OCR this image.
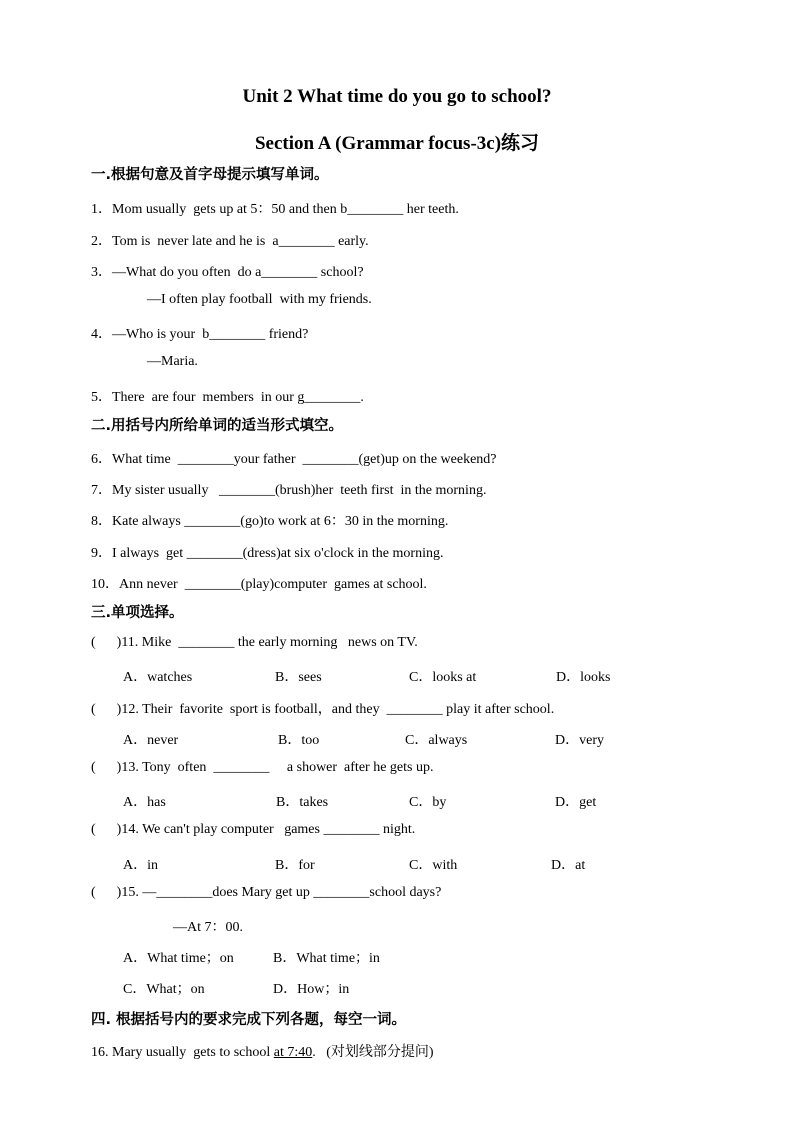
Unit 2 What time do you go to school?
Section A (Grammar focus-3c)练习
一.根据句意及首字母提示填写单词。
1．Mom usually  gets up at 5：50 and then b________ her teeth.
2．Tom is  never late and he is  a________ early.
3．—What do you often  do a________ school?
—I often play football  with my friends.
4．—Who is your  b________ friend?
—Maria.
5．There  are four  members  in our g________.
二.用括号内所给单词的适当形式填空。
6．What time  ________your father  ________(get)up on the weekend?
7．My sister usually   ________(brush)her  teeth first  in the morning.
8．Kate always ________(go)to work at 6：30 in the morning.
9．I always  get ________(dress)at six o'clock in the morning.
10．Ann never  ________(play)computer  games at school.
三.单项选择。
(      )11. Mike  ________ the early morning   news on TV.
A．watches	B．sees	C．looks at	D．looks
(      )12. Their  favorite  sport is football，and they  ________ play it after school.
A．never	B．too	C．always	D．very
(      )13. Tony  often  ________     a shower  after he gets up.
A．has	B．takes	C．by	D．get
(      )14. We can't play computer   games ________ night.
A．in	B．for	C．with	D．at
(      )15. —________does Mary get up ________school days?
—At 7：00.
A．What time；on	B．What time；in
C．What；on	D．How；in
四. 根据括号内的要求完成下列各题，每空一词。
16. Mary usually  gets to school at 7:40.   (对划线部分提问)
